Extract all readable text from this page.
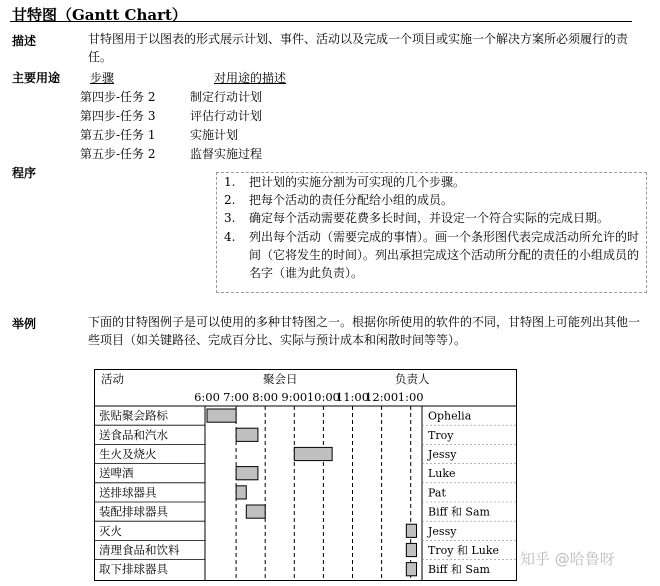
甘特图（Gantt Chart）
描述	甘特图用于以图表的形式展示计划、事件、活动以及完成一个项目或实施一个解决方案所必须履行的责任。
主要用途 步骤	对用途的描述
第四步-任务 2	制定行动计划
第四步-任务 3	评估行动计划
第五步-任务 1	实施计划
第五步-任务 2	监督实施过程
程序
1. 把计划的实施分割为可实现的几个步骤。
2. 把每个活动的责任分配给小组的成员。
3. 确定每个活动需要花费多长时间，并设定一个符合实际的完成日期。
4. 列出每个活动（需要完成的事情）。画一个条形图代表完成活动所允许的时间（它将发生的时间）。列出承担完成这个活动所分配的责任的小组成员的名字（谁为此负责）。
举例	下面的甘特图例子是可以使用的多种甘特图之一。根据你所使用的软件的不同，甘特图上可能列出其他一些项目（如关键路径、完成百分比、实际与预计成本和闲散时间等等）。
活动	聚会日	负责人
6:00 7:00 8:00 9:00 10:00
11:00
12:00 1:00
张贴聚会路标	Ophelia
送食品和汽水	Troy
生火及烧火	Jessy
送啤酒	Luke
送排球器具	Pat
装配排球器具	Biff 和 Sam
灭火	Jessy
清理食品和饮料	Troy 和 Luke
取下排球器具	Biff 和 Sam
知乎 @哈鲁呀
